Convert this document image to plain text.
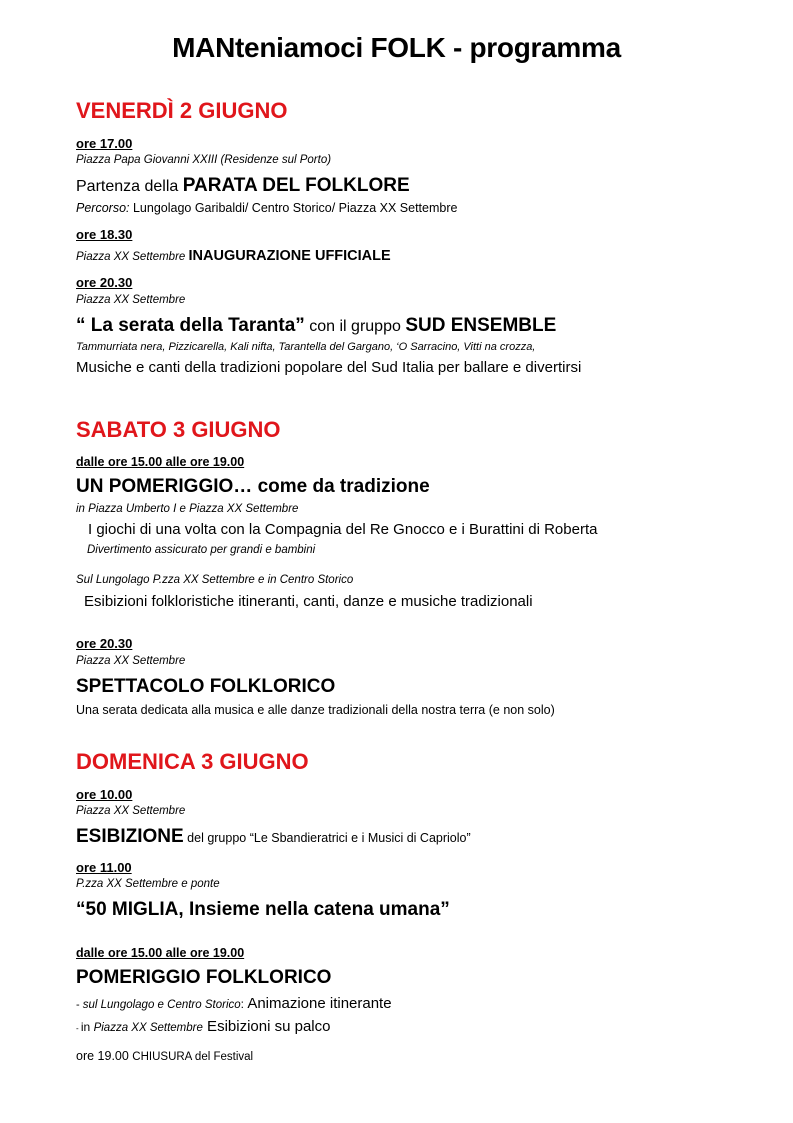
MANteniamoci FOLK - programma
VENERDÌ 2 GIUGNO
ore 17.00
Piazza Papa Giovanni XXIII (Residenze sul Porto)
Partenza della PARATA DEL FOLKLORE
Percorso: Lungolago Garibaldi/ Centro Storico/ Piazza XX Settembre
ore 18.30
Piazza XX Settembre INAUGURAZIONE UFFICIALE
ore 20.30
Piazza XX Settembre
“ La serata della Taranta” con il gruppo SUD ENSEMBLE
Tammurriata nera, Pizzicarella, Kali nifta, Tarantella del Gargano, ‘O Sarracino, Vitti na crozza,
Musiche e canti della tradizioni popolare del Sud Italia per ballare e divertirsi
SABATO 3 GIUGNO
dalle ore 15.00 alle ore 19.00
UN POMERIGGIO… come da tradizione
in Piazza Umberto I e Piazza XX Settembre
I giochi di una volta con la Compagnia del Re Gnocco e i Burattini di Roberta
Divertimento assicurato per grandi e bambini
Sul Lungolago P.zza XX Settembre e in Centro Storico
Esibizioni folkloristiche itineranti, canti, danze e musiche tradizionali
ore 20.30
Piazza XX Settembre
SPETTACOLO FOLKLORICO
Una serata dedicata alla musica e alle danze tradizionali della nostra terra (e non solo)
DOMENICA 3 GIUGNO
ore 10.00
Piazza XX Settembre
ESIBIZIONE del gruppo “Le Sbandieratrici e i Musici di Capriolo”
ore 11.00
P.zza XX Settembre e ponte
“50 MIGLIA, Insieme nella catena umana”
dalle ore 15.00 alle ore 19.00
POMERIGGIO FOLKLORICO
- sul Lungolago e Centro Storico: Animazione itinerante
- in Piazza XX Settembre Esibizioni su palco
ore 19.00 CHIUSURA del Festival
